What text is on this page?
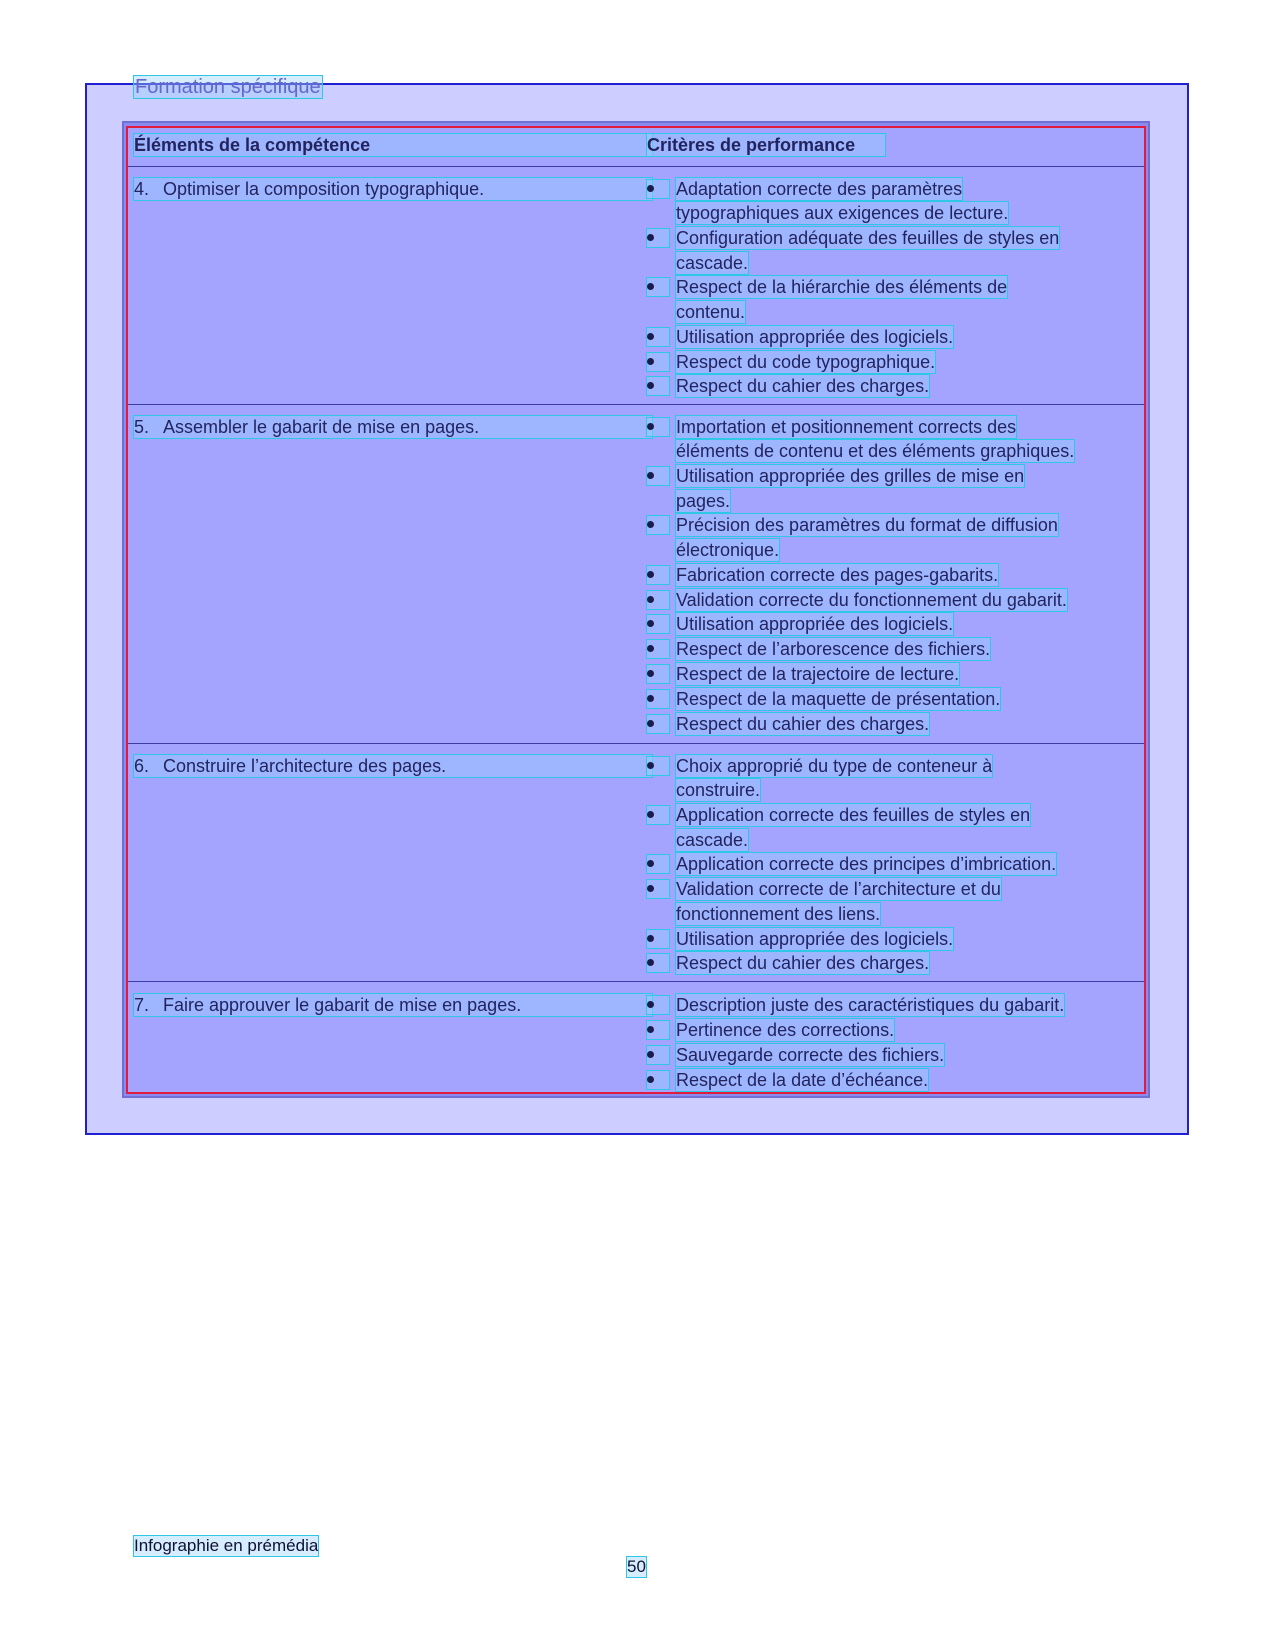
Formation spécifique
Éléments de la compétence	Critères de performance
4. Optimiser la composition typographique.	Adaptation correcte des paramètres
typographiques aux exigences de lecture.
Configuration adéquate des feuilles de styles en
cascade.
Respect de la hiérarchie des éléments de
contenu.
Utilisation appropriée des logiciels.
Respect du code typographique.
Respect du cahier des charges.
5. Assembler le gabarit de mise en pages.	Importation et positionnement corrects des
éléments de contenu et des éléments graphiques.
Utilisation appropriée des grilles de mise en
pages.
Précision des paramètres du format de diffusion
électronique.
Fabrication correcte des pages-gabarits.
Validation correcte du fonctionnement du gabarit.
Utilisation appropriée des logiciels.
Respect de l’arborescence des fichiers.
Respect de la trajectoire de lecture.
Respect de la maquette de présentation.
Respect du cahier des charges.
6. Construire l’architecture des pages.	Choix approprié du type de conteneur à
construire.
Application correcte des feuilles de styles en
cascade.
Application correcte des principes d’imbrication.
Validation correcte de l’architecture et du
fonctionnement des liens.
Utilisation appropriée des logiciels.
Respect du cahier des charges.
7. Faire approuver le gabarit de mise en pages.	Description juste des caractéristiques du gabarit.
Pertinence des corrections.
Sauvegarde correcte des fichiers.
Respect de la date d’échéance.
Infographie en prémédia
50
